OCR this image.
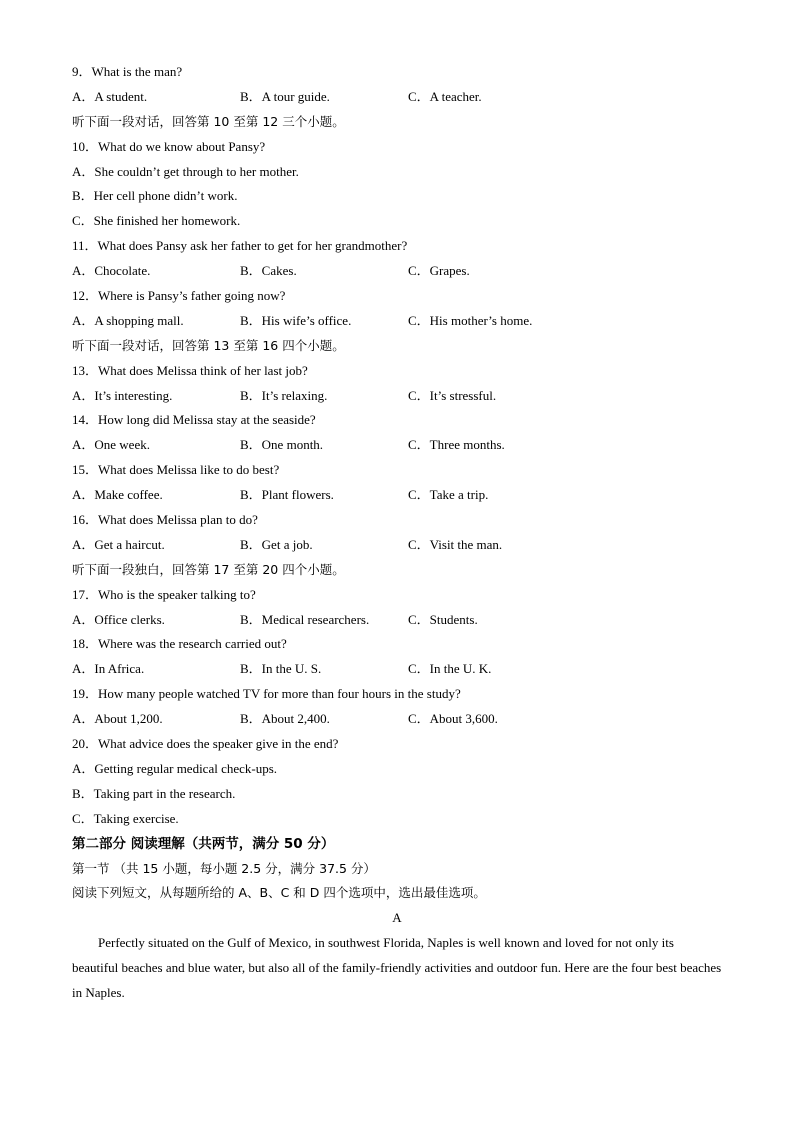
9．What is the man?
A．A student.	B．A tour guide.	C．A teacher.
听下面一段对话，回答第 10 至第 12 三个小题。
10．What do we know about Pansy?
A．She couldn’t get through to her mother.
B．Her cell phone didn’t work.
C．She finished her homework.
11．What does Pansy ask her father to get for her grandmother?
A．Chocolate.	B．Cakes.	C．Grapes.
12．Where is Pansy’s father going now?
A．A shopping mall.	B．His wife’s office.	C．His mother’s home.
听下面一段对话，回答第 13 至第 16 四个小题。
13．What does Melissa think of her last job?
A．It’s interesting.	B．It’s relaxing.	C．It’s stressful.
14．How long did Melissa stay at the seaside?
A．One week.	B．One month.	C．Three months.
15．What does Melissa like to do best?
A．Make coffee.	B．Plant flowers.	C．Take a trip.
16．What does Melissa plan to do?
A．Get a haircut.	B．Get a job.	C．Visit the man.
听下面一段独白，回答第 17 至第 20 四个小题。
17．Who is the speaker talking to?
A．Office clerks.	B．Medical researchers.	C．Students.
18．Where was the research carried out?
A．In Africa.	B．In the U. S.	C．In the U. K.
19．How many people watched TV for more than four hours in the study?
A．About 1,200.	B．About 2,400.	C．About 3,600.
20．What advice does the speaker give in the end?
A．Getting regular medical check-ups.
B．Taking part in the research.
C．Taking exercise.
第二部分 阅读理解（共两节，满分 50 分）
第一节 （共 15 小题，每小题 2.5 分，满分 37.5 分）
阅读下列短文，从每题所给的 A、B、C 和 D 四个选项中，选出最佳选项。
A
Perfectly situated on the Gulf of Mexico, in southwest Florida, Naples is well known and loved for not only its beautiful beaches and blue water, but also all of the family-friendly activities and outdoor fun. Here are the four best beaches in Naples.
